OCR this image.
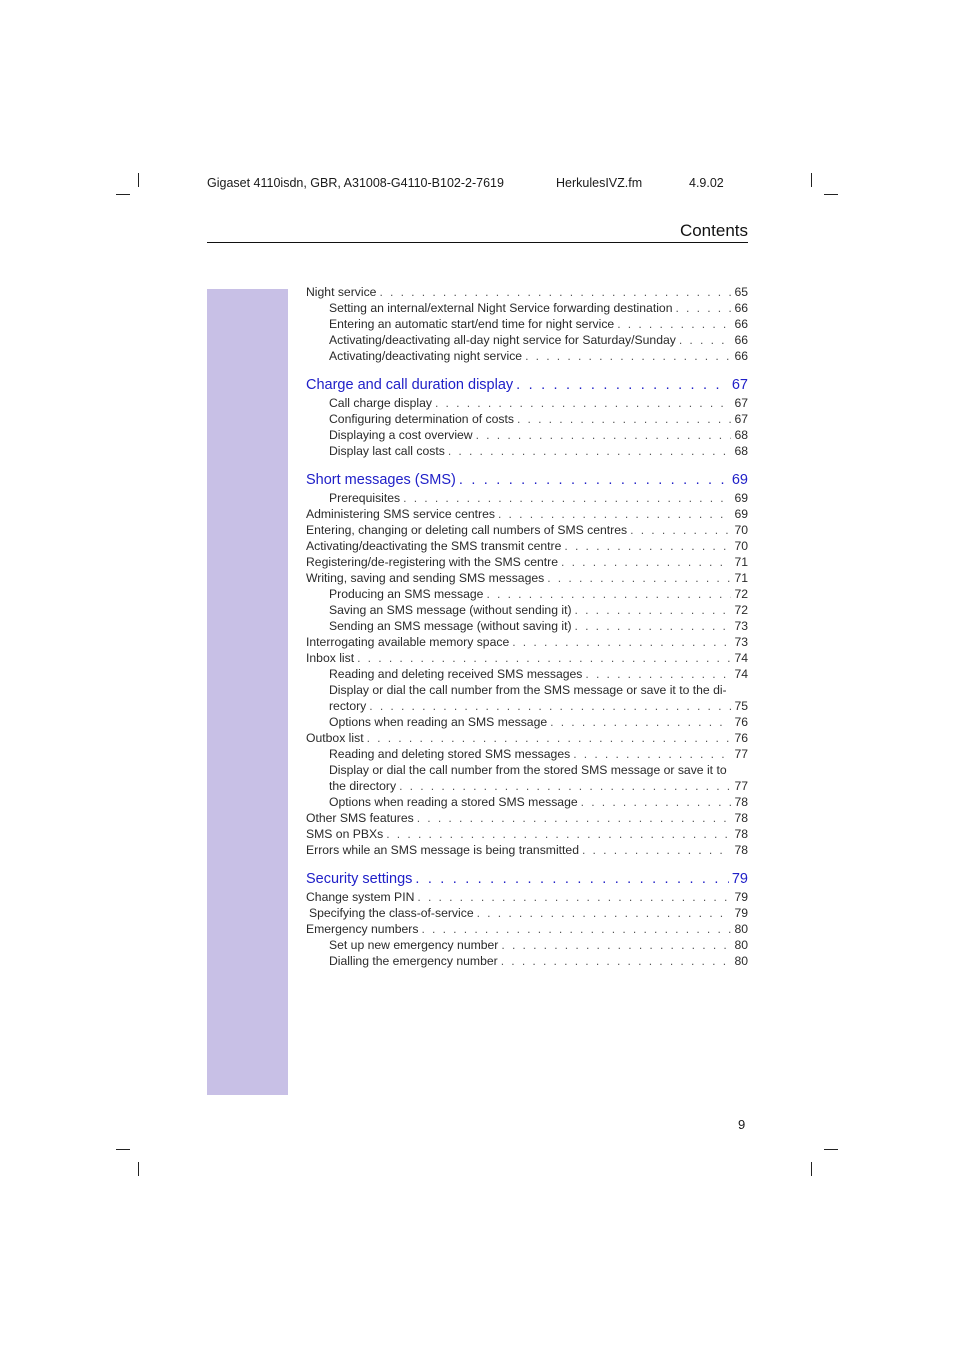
Gigaset 4110isdn, GBR, A31008-G4110-B102-2-7619	HerkulesIVZ.fm	4.9.02
Contents
Night service . . .	65
Setting an internal/external Night Service forwarding destination . . .	66
Entering an automatic start/end time for night service . . .	66
Activating/deactivating all-day night service for Saturday/Sunday . . .	66
Activating/deactivating night service . . .	66
Charge and call duration display . . .	67
Call charge display . . .	67
Configuring determination of costs . . .	67
Displaying a cost overview . . .	68
Display last call costs . . .	68
Short messages (SMS) . . .	69
Prerequisites . . .	69
Administering SMS service centres . . .	69
Entering, changing or deleting call numbers of SMS centres . . .	70
Activating/deactivating the SMS transmit centre . . .	70
Registering/de-registering with the SMS centre . . .	71
Writing, saving and sending SMS messages . . .	71
Producing an SMS message . . .	72
Saving an SMS message (without sending it) . . .	72
Sending an SMS message (without saving it) . . .	73
Interrogating available memory space . . .	73
Inbox list . . .	74
Reading and deleting received SMS messages . . .	74
Display or dial the call number from the SMS message or save it to the di-
rectory . . .	75
Options when reading an SMS message . . .	76
Outbox list . . .	76
Reading and deleting stored SMS messages . . .	77
Display or dial the call number from the stored SMS message or save it to
the directory . . .	77
Options when reading a stored SMS message . . .	78
Other SMS features . . .	78
SMS on PBXs . . .	78
Errors while an SMS message is being transmitted . . .	78
Security settings . . .	79
Change system PIN . . .	79
Specifying the class-of-service . . .	79
Emergency numbers . . .	80
Set up new emergency number . . .	80
Dialling the emergency number . . .	80
9
